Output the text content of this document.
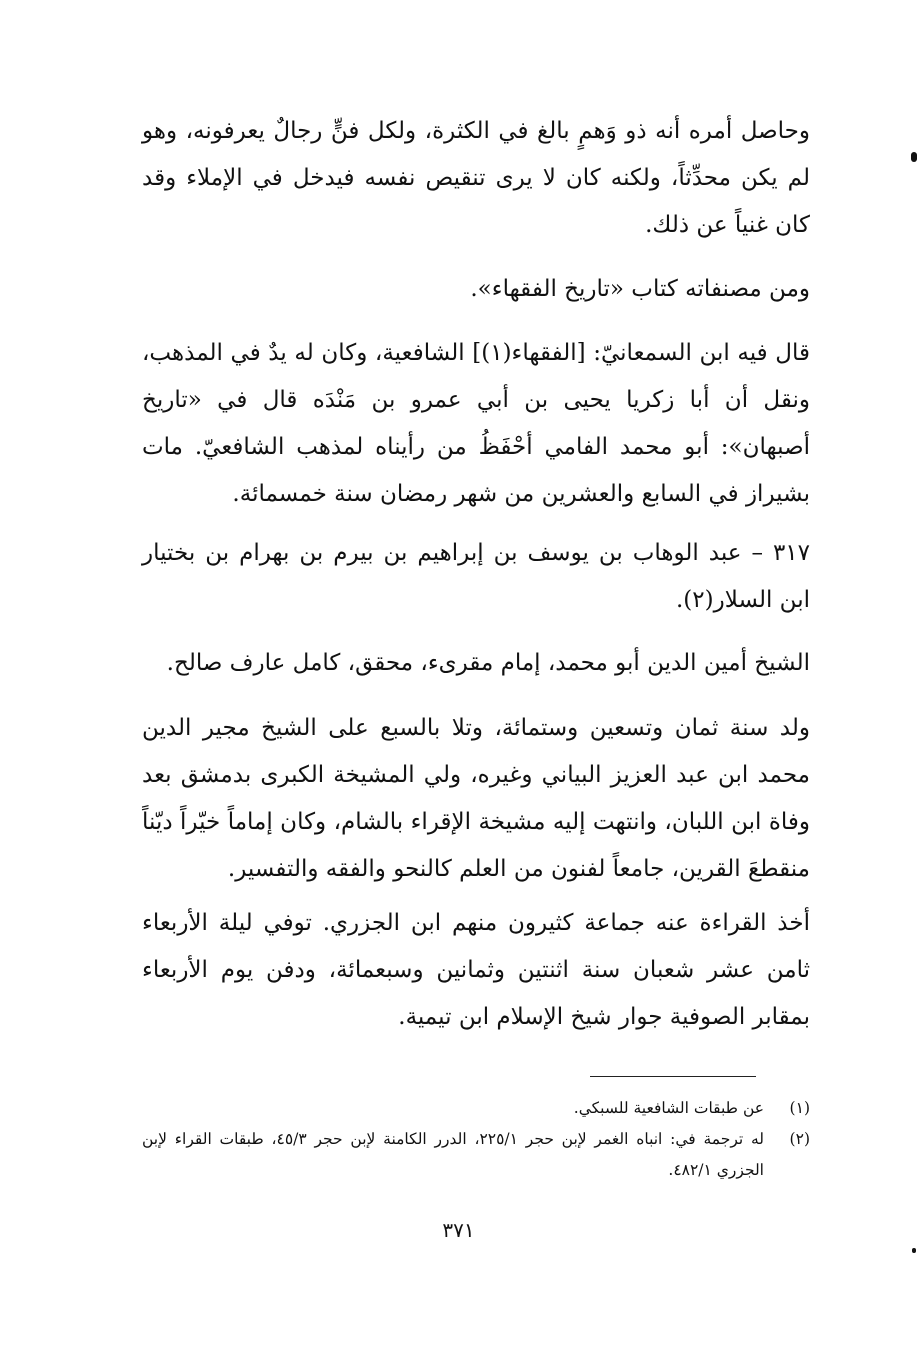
وحاصل أمره أنه ذو وَهمٍ بالغ في الكثرة، ولكل فنٍّ رجالٌ يعرفونه، وهو لم يكن محدِّثاً، ولكنه كان لا يرى تنقيص نفسه فيدخل في الإملاء وقد كان غنياً عن ذلك.

ومن مصنفاته كتاب «تاريخ الفقهاء».

قال فيه ابن السمعانيّ: [الفقهاء(١)] الشافعية، وكان له يدٌ في المذهب، ونقل أن أبا زكريا يحيى بن أبي عمرو بن مَنْدَه قال في «تاريخ أصبهان»: أبو محمد الفامي أحْفَظُ من رأيناه لمذهب الشافعيّ. مات بشيراز في السابع والعشرين من شهر رمضان سنة خمسمائة.

٣١٧ – عبد الوهاب بن يوسف بن إبراهيم بن بيرم بن بهرام بن بختيار ابن السلار(٢).

الشيخ أمين الدين أبو محمد، إمام مقرىء، محقق، كامل عارف صالح.

ولد سنة ثمان وتسعين وستمائة، وتلا بالسبع على الشيخ مجير الدين محمد ابن عبد العزيز البياني وغيره، ولي المشيخة الكبرى بدمشق بعد وفاة ابن اللبان، وانتهت إليه مشيخة الإقراء بالشام، وكان إماماً خيّراً ديّناً منقطعَ القرين، جامعاً لفنون من العلم كالنحو والفقه والتفسير.

أخذ القراءة عنه جماعة كثيرون منهم ابن الجزري. توفي ليلة الأربعاء ثامن عشر شعبان سنة اثنتين وثمانين وسبعمائة، ودفن يوم الأربعاء بمقابر الصوفية جوار شيخ الإسلام ابن تيمية.

(١)
عن طبقات الشافعية للسبكي.
(٢)
له ترجمة في: انباه الغمر لإبن حجر ٢٢٥/١، الدرر الكامنة لإبن حجر ٤٥/٣، طبقات القراء لإبن الجزري ٤٨٢/١.
٣٧١
